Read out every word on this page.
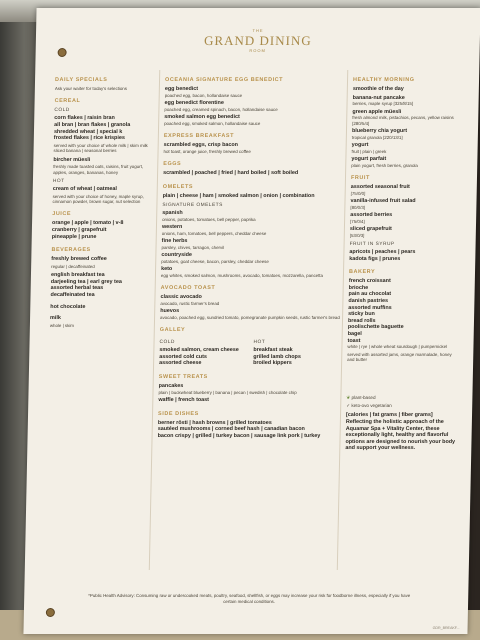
THE
GRAND DINING
ROOM
DAILY SPECIALS
Ask your waiter for today's selections
CEREAL
COLD
corn flakes | raisin bran
all bran | bran flakes | granola
shredded wheat | special k
frosted flakes | rice krispies
served with your choice of whole milk | skim milk sliced banana | seasonal berries
bircher müesli
freshly made toasted oats, raisins, fruit yogurt, apples, oranges, bananas, honey
HOT
cream of wheat | oatmeal
served with your choice of honey, maple syrup, cinnamon powder, brown sugar, nut selection
JUICE
orange | apple | tomato | v-8
cranberry | grapefruit
pineapple | prune
BEVERAGES
freshly brewed coffee
regular | decaffeinated
english breakfast tea
darjeeling tea | earl grey tea
assorted herbal teas
decaffeinated tea
hot chocolate
milk
whole | skim
OCEANIA SIGNATURE EGG BENEDICT
egg benedict
poached egg, bacon, hollandaise sauce
egg benedict florentine
poached egg, creamed spinach, bacon, hollandaise sauce
smoked salmon egg benedict
poached egg, smoked salmon, hollandaise sauce
EXPRESS BREAKFAST
scrambled eggs, crisp bacon
hot toast, orange juice, freshly brewed coffee
EGGS
scrambled | poached | fried | hard boiled | soft boiled
OMELETS
plain | cheese | ham | smoked salmon | onion | combination
SIGNATURE OMELETS
spanish
onions, potatoes, tomatoes, bell pepper, paprika
western
onions, ham, tomatoes, bell peppers, cheddar cheese
fine herbs
parsley, chives, tarragon, chervil
countryside
potatoes, goat cheese, bacon, parsley, cheddar cheese
keto
egg whites, smoked salmon, mushrooms, avocado, tomatoes, mozzarella, pancetta
AVOCADO TOAST
classic avocado
avocado, rustic farmer's bread
huevos
avocado, poached egg, sundried tomato, pomegranate pumpkin seeds, rustic farmer's bread
GALLEY
COLD
smoked salmon, cream cheese
assorted cold cuts
assorted cheese
HOT
breakfast steak
grilled lamb chops
broiled kippers
SWEET TREATS
pancakes
plain | buckwheat blueberry | banana | pecan | swedish | chocolate chip
waffle | french toast
SIDE DISHES
berner rösti | hash browns | grilled tomatoes
sautéed mushrooms | corned beef hash | canadian bacon
bacon crispy | grilled | turkey bacon | sausage link pork | turkey
HEALTHY MORNING
smoothie of the day
banana-nut pancake
berries, maple syrup [325/8/15]
green apple müesli
fresh almond milk, pistachios, pecans, yellow raisins [280/5/4]
blueberry chia yogurt
tropical granola [220/13/1]
yogurt
fruit | plain | greek
yogurt parfait
plain yogurt, fresh berries, granola
FRUIT
assorted seasonal fruit
[75/0/0]
vanilla-infused fruit salad
[80/0/3]
assorted berries
[75/0/4]
sliced grapefruit
[53/0/3]
FRUIT IN SYRUP
apricots | peaches | pears
kadota figs | prunes
BAKERY
french croissant
brioche
pain au chocolat
danish pastries
assorted muffins
sticky bun
bread rolls
poolischette baguette
bagel
toast
white | rye | whole wheat sourdough | pumpernickel
served with assorted jams, orange marmalade, honey and butter
❦ plant-based
✓ keto-ovo vegetarian
[calories | fat grams | fiber grams]
Reflecting the holistic approach of the Aquamar Spa + Vitality Center, these exceptionally light, healthy and flavorful options are designed to nourish your body and support your wellness.
*Public Health Advisory: Consuming raw or undercooked meats, poultry, seafood, shellfish, or eggs may increase your risk for foodborne illness, especially if you have certain medical conditions.
GDR_BREAKF...
